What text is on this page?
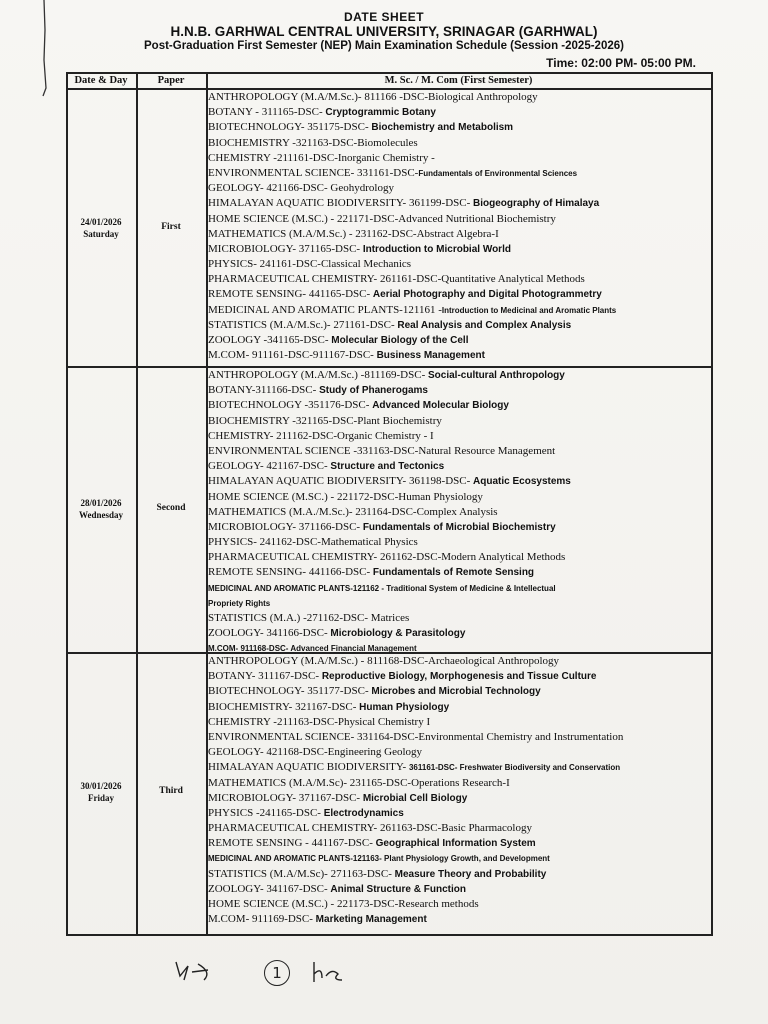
DATE SHEET
H.N.B. GARHWAL CENTRAL UNIVERSITY, SRINAGAR (GARHWAL)
Post-Graduation First Semester (NEP) Main Examination Schedule (Session -2025-2026)
Time: 02:00 PM- 05:00 PM.
Date & Day	Paper	M. Sc. / M. Com (First Semester)
24/01/2026
Saturday
First
ANTHROPOLOGY (M.A/M.Sc.)- 811166 -DSC-Biological Anthropology
BOTANY - 311165-DSC- Cryptogrammic Botany
BIOTECHNOLOGY- 351175-DSC- Biochemistry and Metabolism
BIOCHEMISTRY -321163-DSC-Biomolecules
CHEMISTRY -211161-DSC-Inorganic Chemistry -
ENVIRONMENTAL SCIENCE- 331161-DSC-Fundamentals of Environmental Sciences
GEOLOGY- 421166-DSC- Geohydrology
HIMALAYAN AQUATIC BIODIVERSITY- 361199-DSC- Biogeography of Himalaya
HOME SCIENCE (M.SC.) - 221171-DSC-Advanced Nutritional Biochemistry
MATHEMATICS (M.A/M.Sc.) - 231162-DSC-Abstract Algebra-I
MICROBIOLOGY- 371165-DSC- Introduction to Microbial World
PHYSICS- 241161-DSC-Classical Mechanics
PHARMACEUTICAL CHEMISTRY- 261161-DSC-Quantitative Analytical Methods
REMOTE SENSING- 441165-DSC- Aerial Photography and Digital Photogrammetry
MEDICINAL AND AROMATIC PLANTS-121161 -Introduction to Medicinal and Aromatic Plants
STATISTICS (M.A/M.Sc.)- 271161-DSC- Real Analysis and Complex Analysis
ZOOLOGY -341165-DSC- Molecular Biology of the Cell
M.COM- 911161-DSC-911167-DSC- Business Management
28/01/2026
Wednesday
Second
ANTHROPOLOGY (M.A/M.Sc.) -811169-DSC- Social-cultural Anthropology
BOTANY-311166-DSC- Study of Phanerogams
BIOTECHNOLOGY -351176-DSC- Advanced Molecular Biology
BIOCHEMISTRY -321165-DSC-Plant Biochemistry
CHEMISTRY- 211162-DSC-Organic Chemistry - I
ENVIRONMENTAL SCIENCE -331163-DSC-Natural Resource Management
GEOLOGY- 421167-DSC- Structure and Tectonics
HIMALAYAN AQUATIC BIODIVERSITY- 361198-DSC- Aquatic Ecosystems
HOME SCIENCE (M.SC.) - 221172-DSC-Human Physiology
MATHEMATICS (M.A./M.Sc.)- 231164-DSC-Complex Analysis
MICROBIOLOGY- 371166-DSC- Fundamentals of Microbial Biochemistry
PHYSICS- 241162-DSC-Mathematical Physics
PHARMACEUTICAL CHEMISTRY- 261162-DSC-Modern Analytical Methods
REMOTE SENSING- 441166-DSC- Fundamentals of Remote Sensing
MEDICINAL AND AROMATIC PLANTS-121162 - Traditional System of Medicine & Intellectual
Propriety Rights
STATISTICS (M.A.) -271162-DSC- Matrices
ZOOLOGY- 341166-DSC- Microbiology & Parasitology
M.COM- 911168-DSC- Advanced Financial Management
30/01/2026
Friday
Third
ANTHROPOLOGY (M.A/M.Sc.) - 811168-DSC-Archaeological Anthropology
BOTANY- 311167-DSC- Reproductive Biology, Morphogenesis and Tissue Culture
BIOTECHNOLOGY- 351177-DSC- Microbes and Microbial Technology
BIOCHEMISTRY- 321167-DSC- Human Physiology
CHEMISTRY -211163-DSC-Physical Chemistry I
ENVIRONMENTAL SCIENCE- 331164-DSC-Environmental Chemistry and Instrumentation
GEOLOGY- 421168-DSC-Engineering Geology
HIMALAYAN AQUATIC BIODIVERSITY- 361161-DSC- Freshwater Biodiversity and Conservation
MATHEMATICS (M.A/M.Sc)- 231165-DSC-Operations Research-I
MICROBIOLOGY- 371167-DSC- Microbial Cell Biology
PHYSICS -241165-DSC- Electrodynamics
PHARMACEUTICAL CHEMISTRY- 261163-DSC-Basic Pharmacology
REMOTE SENSING - 441167-DSC- Geographical Information System
MEDICINAL AND AROMATIC PLANTS-121163- Plant Physiology Growth, and Development
STATISTICS (M.A/M.Sc)- 271163-DSC- Measure Theory and Probability
ZOOLOGY- 341167-DSC- Animal Structure & Function
HOME SCIENCE (M.SC.) - 221173-DSC-Research methods
M.COM- 911169-DSC- Marketing Management
1
